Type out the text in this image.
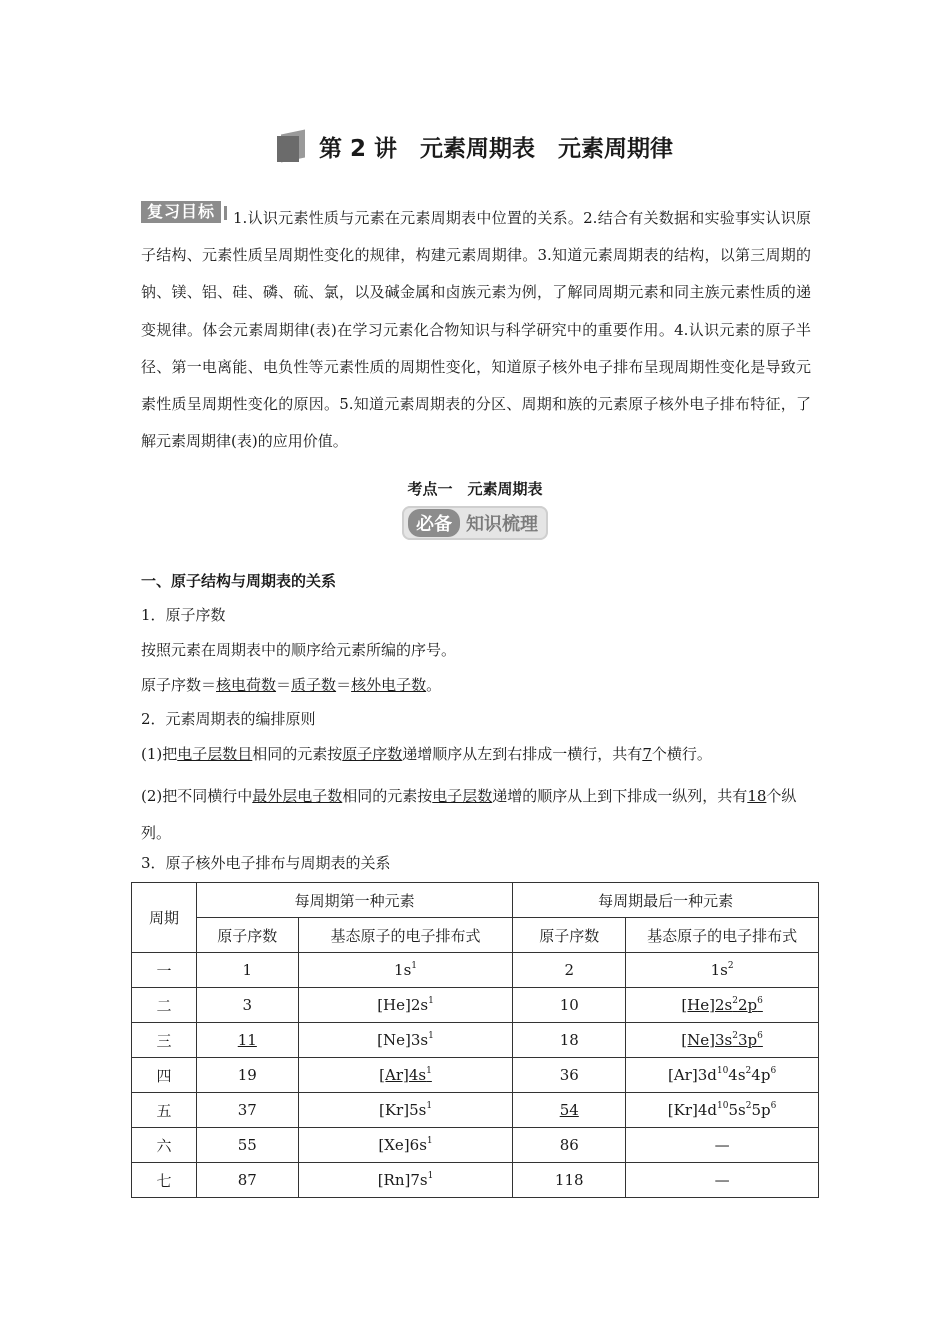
第 2 讲　元素周期表　元素周期律
复习目标 1.认识元素性质与元素在元素周期表中位置的关系。2.结合有关数据和实验事实认识原子结构、元素性质呈周期性变化的规律，构建元素周期律。3.知道元素周期表的结构，以第三周期的钠、镁、铝、硅、磷、硫、氯，以及碱金属和卤族元素为例，了解同周期元素和同主族元素性质的递变规律。体会元素周期律(表)在学习元素化合物知识与科学研究中的重要作用。4.认识元素的原子半径、第一电离能、电负性等元素性质的周期性变化，知道原子核外电子排布呈现周期性变化是导致元素性质呈周期性变化的原因。5.知道元素周期表的分区、周期和族的元素原子核外电子排布特征，了解元素周期律(表)的应用价值。
考点一　元素周期表
必备 知识梳理
一、原子结构与周期表的关系
1．原子序数
按照元素在周期表中的顺序给元素所编的序号。
原子序数＝核电荷数＝质子数＝核外电子数。
2．元素周期表的编排原则
(1)把电子层数目相同的元素按原子序数递增顺序从左到右排成一横行，共有7个横行。
(2)把不同横行中最外层电子数相同的元素按电子层数递增的顺序从上到下排成一纵列，共有18个纵列。
3．原子核外电子排布与周期表的关系
周期	每周期第一种元素		每周期最后一种元素	
	原子序数	基态原子的电子排布式	原子序数	基态原子的电子排布式
一	1	$1s^1$	2	$1s^2$
二	3	$[He]2s^1$	10	$[He]2s^22p^6$
三	11	$[Ne]3s^1$	18	$[Ne]3s^23p^6$
四	19	$[Ar]4s^1$	36	$[Ar]3d^{10}4s^24p^6$
五	37	$[Kr]5s^1$	54	$[Kr]4d^{10}5s^25p^6$
六	55	$[Xe]6s^1$	86	—
七	87	$[Rn]7s^1$	118	—
